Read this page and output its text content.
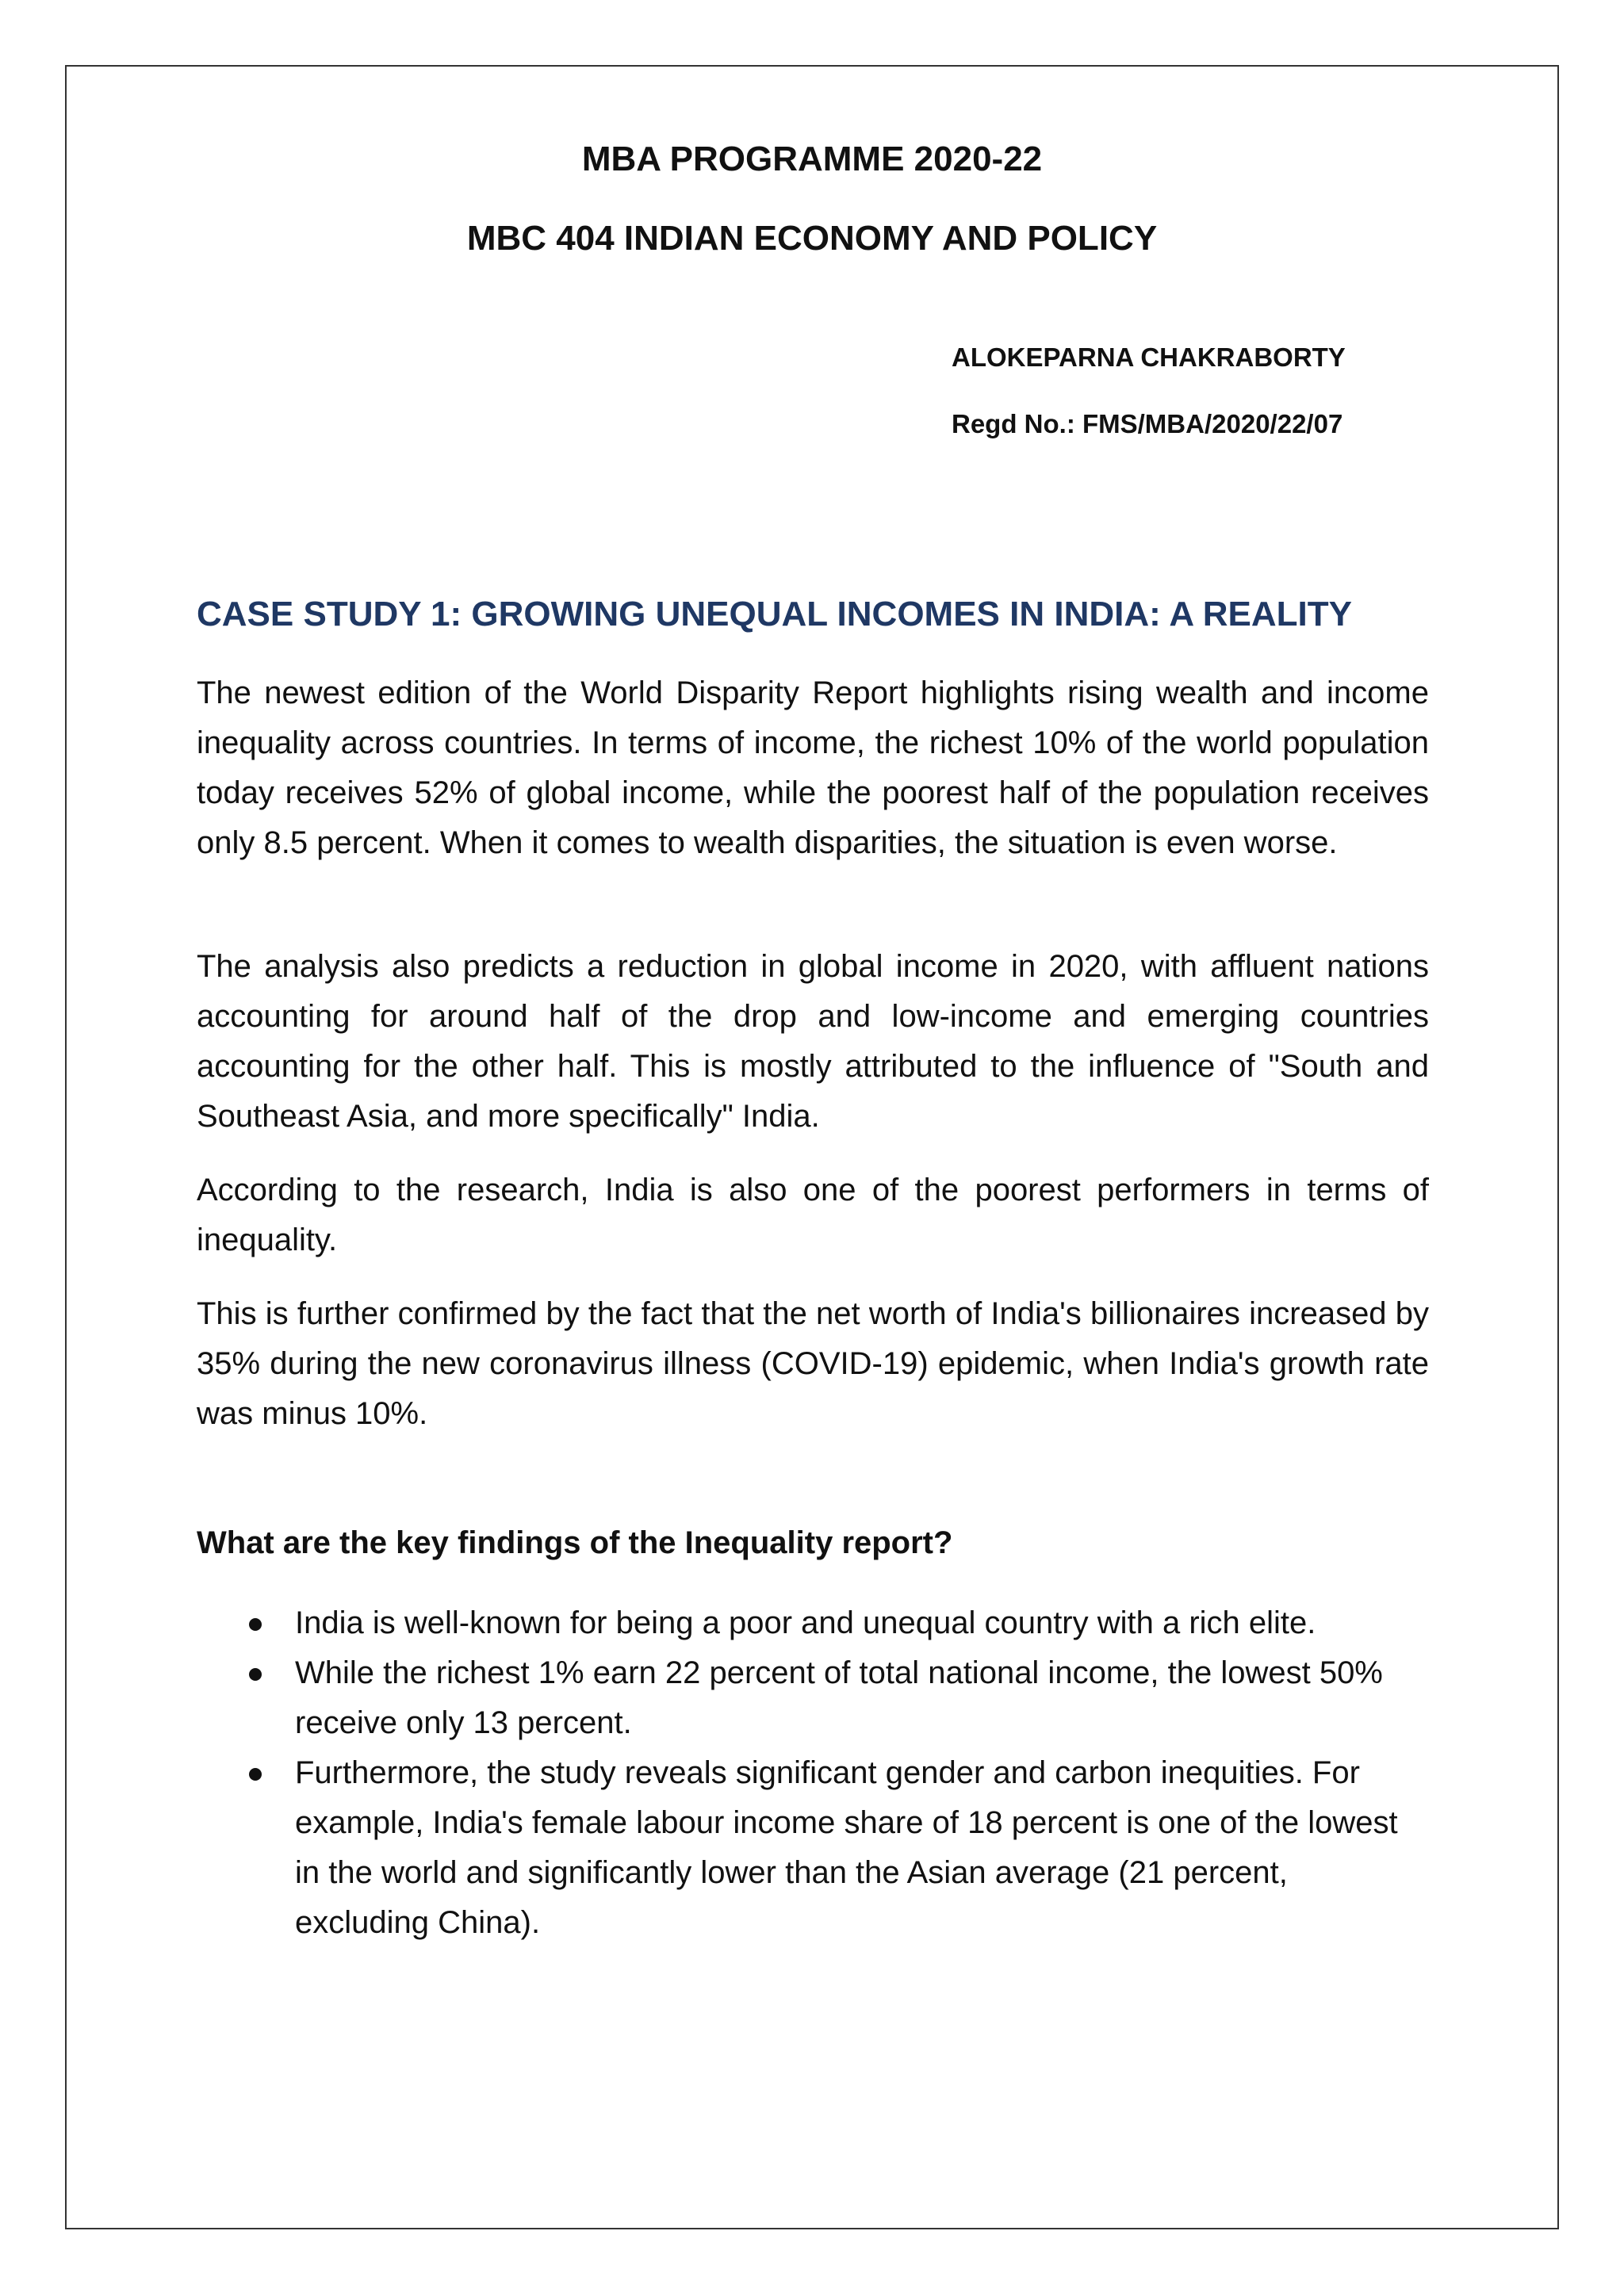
MBA PROGRAMME 2020-22
MBC 404 INDIAN ECONOMY AND POLICY
ALOKEPARNA CHAKRABORTY
Regd No.: FMS/MBA/2020/22/07
CASE STUDY 1: GROWING UNEQUAL INCOMES IN INDIA: A REALITY

The newest edition of the World Disparity Report highlights rising wealth and income inequality across countries. In terms of income, the richest 10% of the world population today receives 52% of global income, while the poorest half of the population receives only 8.5 percent. When it comes to wealth disparities, the situation is even worse.

The analysis also predicts a reduction in global income in 2020, with affluent nations accounting for around half of the drop and low-income and emerging countries accounting for the other half. This is mostly attributed to the influence of "South and Southeast Asia, and more specifically" India.

According to the research, India is also one of the poorest performers in terms of inequality.

This is further confirmed by the fact that the net worth of India's billionaires increased by 35% during the new coronavirus illness (COVID-19) epidemic, when India's growth rate was minus 10%.

What are the key findings of the Inequality report?
India is well-known for being a poor and unequal country with a rich elite.
While the richest 1% earn 22 percent of total national income, the lowest 50% receive only 13 percent.
Furthermore, the study reveals significant gender and carbon inequities. For example, India's female labour income share of 18 percent is one of the lowest in the world and significantly lower than the Asian average (21 percent, excluding China).
